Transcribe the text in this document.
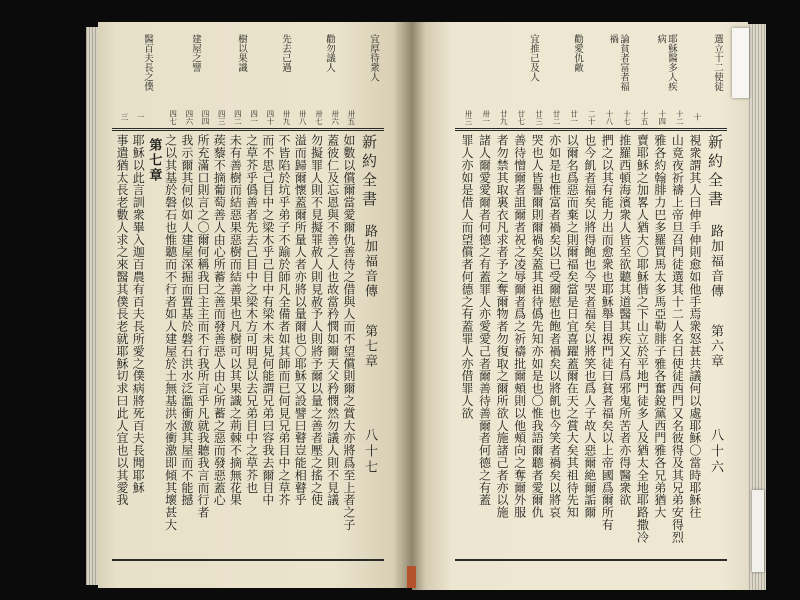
宜厚待衆人
勸勿議人
先去己過
樹以果識
建屋之譬
醫百夫長之僕
卅五
卅六
卅七
卅八
卅九
四十
四一
四二
四三
四四
四六
四七
一
三
如數以償爾當愛爾仇善待之借與人而不望償則爾之賞大亦將爲至上者之子
蓋彼仁及忘恩與不善之人也故當矜憫如爾天父矜憫然勿議人則不見議
勿擬罪人則不見擬罪赦人則見赦予人則將予爾以量之善者壓之搖之使
溢而歸爾懷蓋爾所量人者亦將以量爾也〇耶穌又設譬曰瞽豈能相瞽乎
不皆陷於坑乎弟子不踰於師凡全備者如其師而已何見兄弟目中之草芥
而不思己目中之梁木乎己目中有梁木未見何能謂兄弟曰容我去爾目中
之草芥乎僞善者先去己目中之梁木方可明見以去兄弟目中之草芥也
未有善樹而結惡果惡樹而結善果也凡樹可以其果識之荊棘不摘無花果
蒺藜不摘葡萄善人由心所蓄之善而發善惡人由心所蓄之惡而發惡蓋心
所充滿口則言之〇爾何稱我曰主主而不行我所言乎凡就我聽我言而行者
我示爾其何似如人建屋深掘而置基於磐石洪水泛濫衝激其屋而不能撼
之以其基於磐石也惟聽而不行者如人建屋於土無基洪水衝激即傾其壞甚大
第七章
耶穌以此言訓衆畢入迦百農有百夫長所愛之僕病將死百夫長聞耶穌
事遣猶太長老數人求之來醫其僕長老就耶穌切求曰此人宜也以其愛我	新約全書
路加福音傳
第七章
八十七
選立十二使徒
耶穌醫多人疾病
論貧者富者福禍
勸愛仇敵
宜推己及人
十
十二
十四
十五
十七
十八
二十
廿一
廿二
廿三
廿七
廿九
卅一
卅三
視衆謂其人曰伸手伸則愈如他手焉衆怒甚共議何以處耶穌〇當時耶穌往
山竟夜祈禱上帝旦召門徒選其十二人名曰使徒西門又名彼得及其兄弟安得烈
雅各約翰腓力巴多羅買馬太多馬亞勒腓子雅各奮銳黨西門雅各兄弟猶大
賣耶穌之加畧人猶大〇耶穌偕之下山立於平地門徒多人及猶太全地耶路撒冷
推羅西頓海濱衆人皆至欲聽其道醫其疾又有爲邪鬼所苦者亦得醫衆欲
捫之以其有能力出而愈衆也耶穌舉目視門徒曰貧者福矣以上帝國爲爾所有
也今飢者福矣以將得飽也今哭者福矣以將笑也爲人子故人惡爾絶爾詬爾
以爾名爲惡而棄之則爾福矣當是日宜喜躍蓋爾在天之賞大矣其祖待先知
亦如是也惟富者禍矣以已受爾慰也飽者禍矣以將飢也今笑者禍矣以將哀
哭也人皆譽爾則爾禍矣蓋其祖待僞先知亦如是也〇惟我語爾聽者愛爾仇
善待憎爾者詛爾者祝之凌辱爾者爲之祈禱批爾頰則以他頰向之奪爾外服
者勿禁其取裏衣凡求者予之奪爾物者勿復取之爾所欲人施諸己者亦以施
諸人爾愛愛爾者何德之有蓋罪人亦愛愛己者爾善待善爾者何德之有蓋
罪人亦如是借人而望償者何德之有蓋罪人亦借罪人欲	新約全書
路加福音傳
第六章
八十六
